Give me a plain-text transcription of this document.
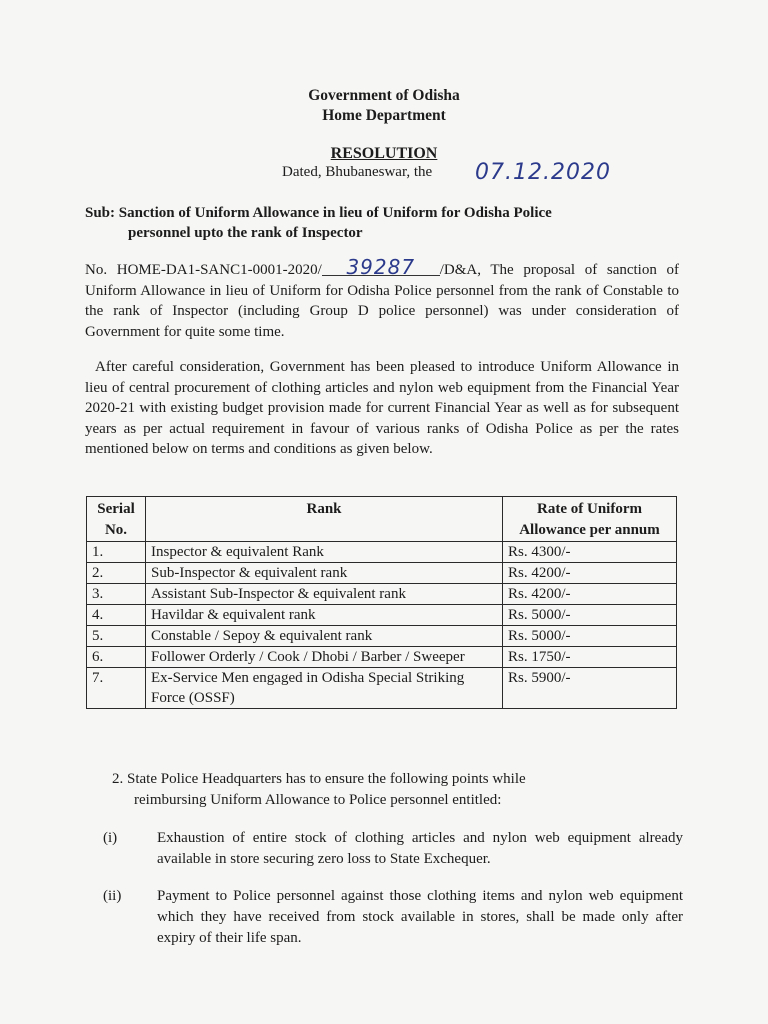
Government of Odisha
Home Department
RESOLUTION
Dated, Bhubaneswar, the 07.12.2020
Sub: Sanction of Uniform Allowance in lieu of Uniform for Odisha Police
personnel upto the rank of Inspector
No. HOME-DA1-SANC1-0001-2020/ 39287 /D&A, The proposal of sanction of Uniform Allowance in lieu of Uniform for Odisha Police personnel from the rank of Constable to the rank of Inspector (including Group D police personnel) was under consideration of Government for quite some time.
After careful consideration, Government has been pleased to introduce Uniform Allowance in lieu of central procurement of clothing articles and nylon web equipment from the Financial Year 2020-21 with existing budget provision made for current Financial Year as well as for subsequent years as per actual requirement in favour of various ranks of Odisha Police as per the rates mentioned below on terms and conditions as given below.
Serial No.	Rank	Rate of Uniform Allowance per annum
1.	Inspector & equivalent Rank	Rs. 4300/-
2.	Sub-Inspector & equivalent rank	Rs. 4200/-
3.	Assistant Sub-Inspector & equivalent rank	Rs. 4200/-
4.	Havildar & equivalent rank	Rs. 5000/-
5.	Constable / Sepoy & equivalent rank	Rs. 5000/-
6.	Follower Orderly / Cook / Dhobi / Barber / Sweeper	Rs. 1750/-
7.	Ex-Service Men engaged in Odisha Special Striking Force (OSSF)	Rs. 5900/-
2. State Police Headquarters has to ensure the following points while
reimbursing Uniform Allowance to Police personnel entitled:
(i)	Exhaustion of entire stock of clothing articles and nylon web equipment already available in store securing zero loss to State Exchequer.
(ii) Payment to Police personnel against those clothing items and nylon web equipment which they have received from stock available in stores, shall be made only after expiry of their life span.
